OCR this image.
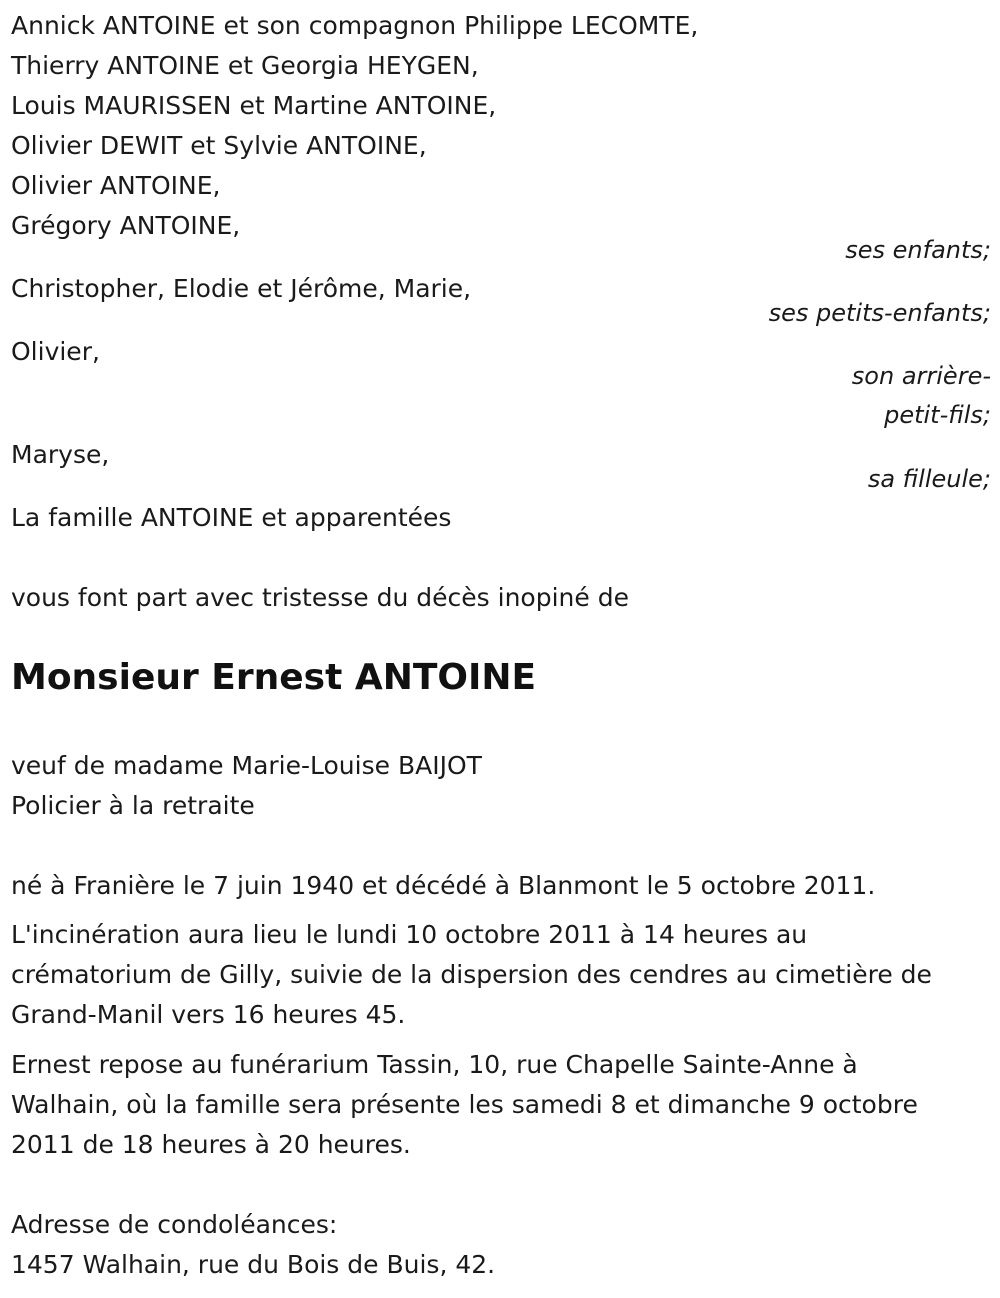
Annick ANTOINE et son compagnon Philippe LECOMTE,
Thierry ANTOINE et Georgia HEYGEN,
Louis MAURISSEN et Martine ANTOINE,
Olivier DEWIT et Sylvie ANTOINE,
Olivier ANTOINE,
Grégory ANTOINE,
ses enfants;
Christopher, Elodie et Jérôme, Marie,
ses petits-enfants;
Olivier,
son arrière-
petit-fils;
Maryse,
sa filleule;
La famille ANTOINE et apparentées
vous font part avec tristesse du décès inopiné de
Monsieur Ernest ANTOINE
veuf de madame Marie-Louise BAIJOT
Policier à la retraite
né à Franière le 7 juin 1940 et décédé à Blanmont le 5 octobre 2011.
L'incinération aura lieu le lundi 10 octobre 2011 à 14 heures au
crématorium de Gilly, suivie de la dispersion des cendres au cimetière de
Grand-Manil vers 16 heures 45.
Ernest repose au funérarium Tassin, 10, rue Chapelle Sainte-Anne à
Walhain, où la famille sera présente les samedi 8 et dimanche 9 octobre
2011 de 18 heures à 20 heures.
Adresse de condoléances:
1457 Walhain, rue du Bois de Buis, 42.
